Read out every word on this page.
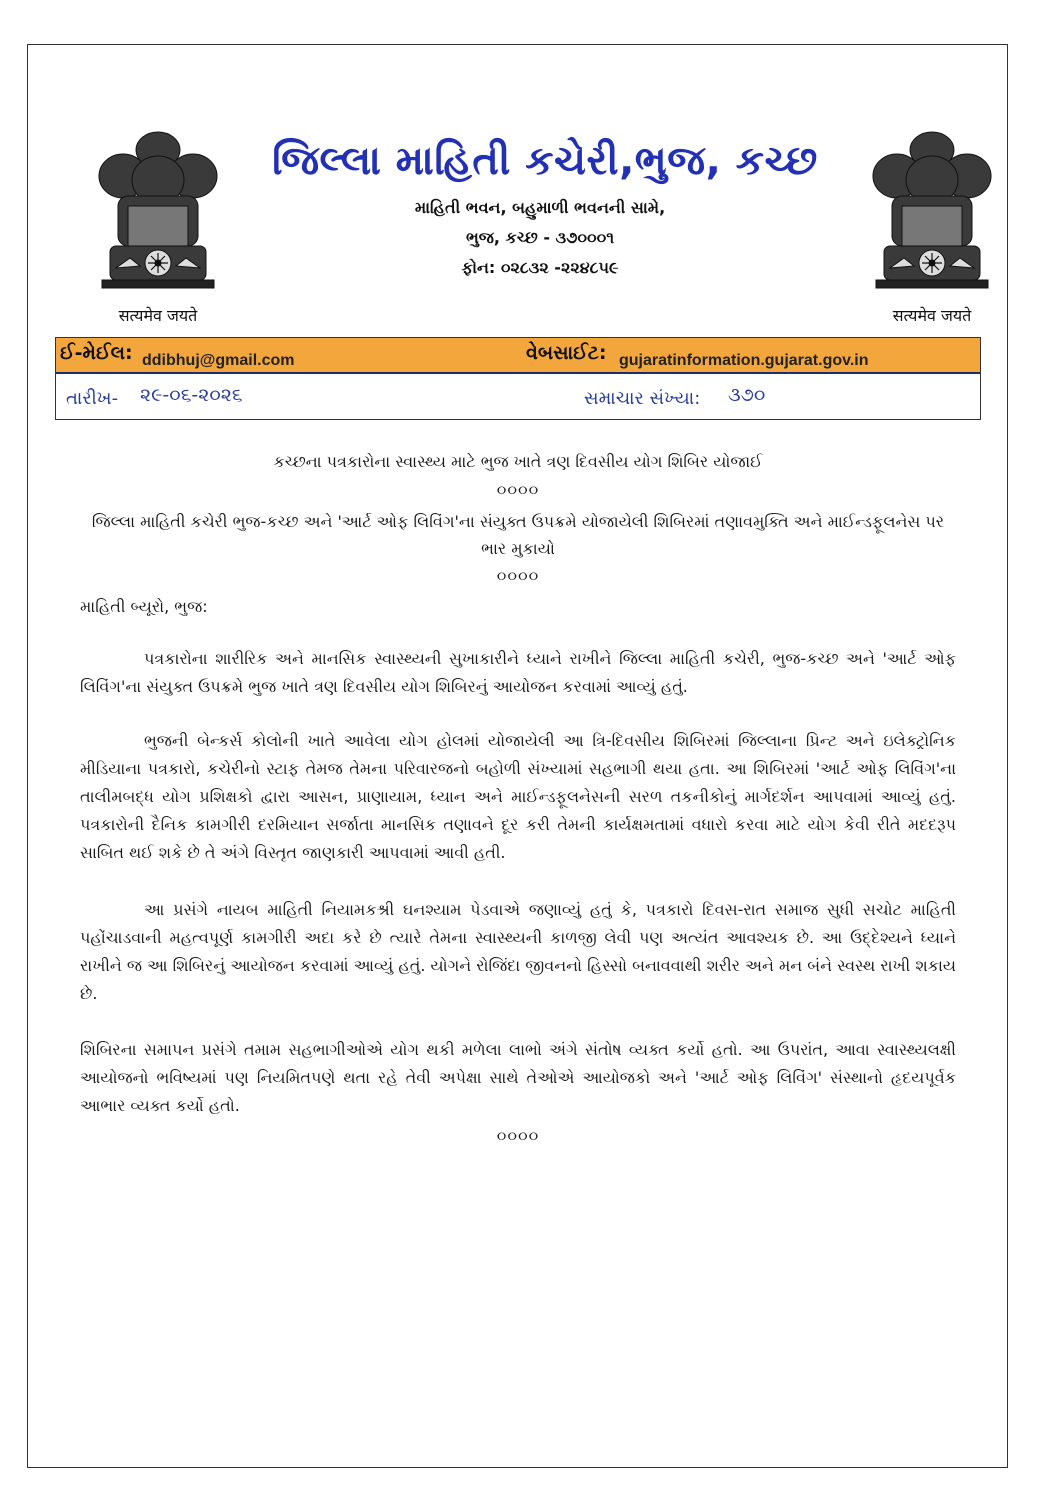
सत्यमेव जयते	सत्यमेव जयते
જિલ્લા માહિતી કચેરી,ભુજ, કચ્છ
માહિતી ભવન, બહુમાળી ભવનની સામે,
ભુજ, કચ્છ - ૩૭૦૦૦૧
ફોન: ૦૨૮૩૨ -૨૨૪૮૫૯
ઈ-મેઈલ: ddibhuj@gmail.com	વેબસાઈટ: gujaratinformation.gujarat.gov.in
તારીખ- ૨૯-૦૬-૨૦૨૬	સમાચાર સંખ્યા: ૩૭૦
કચ્છના પત્રકારોના સ્વાસ્થ્ય માટે ભુજ ખાતે ત્રણ દિવસીય યોગ શિબિર યોજાઈ
૦૦૦૦
જિલ્લા માહિતી કચેરી ભુજ-કચ્છ અને 'આર્ટ ઓફ લિવિંગ'ના સંયુક્ત ઉપક્રમે યોજાયેલી શિબિરમાં તણાવમુક્તિ અને માઈન્ડફૂલનેસ પર ભાર મુકાયો
૦૦૦૦
માહિતી બ્યૂરો, ભુજ:

પત્રકારોના શારીરિક અને માનસિક સ્વાસ્થ્યની સુખાકારીને ધ્યાને રાખીને જિલ્લા માહિતી કચેરી, ભુજ-કચ્છ અને 'આર્ટ ઓફ લિવિંગ'ના સંયુક્ત ઉપક્રમે ભુજ ખાતે ત્રણ દિવસીય યોગ શિબિરનું આયોજન કરવામાં આવ્યું હતું.

ભુજની બેન્કર્સ કોલોની ખાતે આવેલા યોગ હોલમાં યોજાયેલી આ ત્રિ-દિવસીય શિબિરમાં જિલ્લાના પ્રિન્ટ અને ઇલેક્ટ્રોનિક મીડિયાના પત્રકારો, કચેરીનો સ્ટાફ તેમજ તેમના પરિવારજનો બહોળી સંખ્યામાં સહભાગી થયા હતા. આ શિબિરમાં 'આર્ટ ઓફ લિવિંગ'ના તાલીમબદ્ધ યોગ પ્રશિક્ષકો દ્વારા આસન, પ્રાણાયામ, ધ્યાન અને માઈન્ડફૂલનેસની સરળ તકનીકોનું માર્ગદર્શન આપવામાં આવ્યું હતું. પત્રકારોની દૈનિક કામગીરી દરમિયાન સર્જાતા માનસિક તણાવને દૂર કરી તેમની કાર્યક્ષમતામાં વધારો કરવા માટે યોગ કેવી રીતે મદદરૂપ સાબિત થઈ શકે છે તે અંગે વિસ્તૃત જાણકારી આપવામાં આવી હતી.

આ પ્રસંગે નાયબ માહિતી નિયામકશ્રી ઘનશ્યામ પેડવાએ જણાવ્યું હતું કે, પત્રકારો દિવસ-રાત સમાજ સુધી સચોટ માહિતી પહોંચાડવાની મહત્વપૂર્ણ કામગીરી અદા કરે છે ત્યારે તેમના સ્વાસ્થ્યની કાળજી લેવી પણ અત્યંત આવશ્યક છે. આ ઉદ્દેશ્યને ધ્યાને રાખીને જ આ શિબિરનું આયોજન કરવામાં આવ્યું હતું. યોગને રોજિંદા જીવનનો હિસ્સો બનાવવાથી શરીર અને મન બંને સ્વસ્થ રાખી શકાય છે.

શિબિરના સમાપન પ્રસંગે તમામ સહભાગીઓએ યોગ થકી મળેલા લાભો અંગે સંતોષ વ્યક્ત કર્યો હતો. આ ઉપરાંત, આવા સ્વાસ્થ્યલક્ષી આયોજનો ભવિષ્યમાં પણ નિયમિતપણે થતા રહે તેવી અપેક્ષા સાથે તેઓએ આયોજકો અને 'આર્ટ ઓફ લિવિંગ' સંસ્થાનો હૃદયપૂર્વક આભાર વ્યક્ત કર્યો હતો.

૦૦૦૦
